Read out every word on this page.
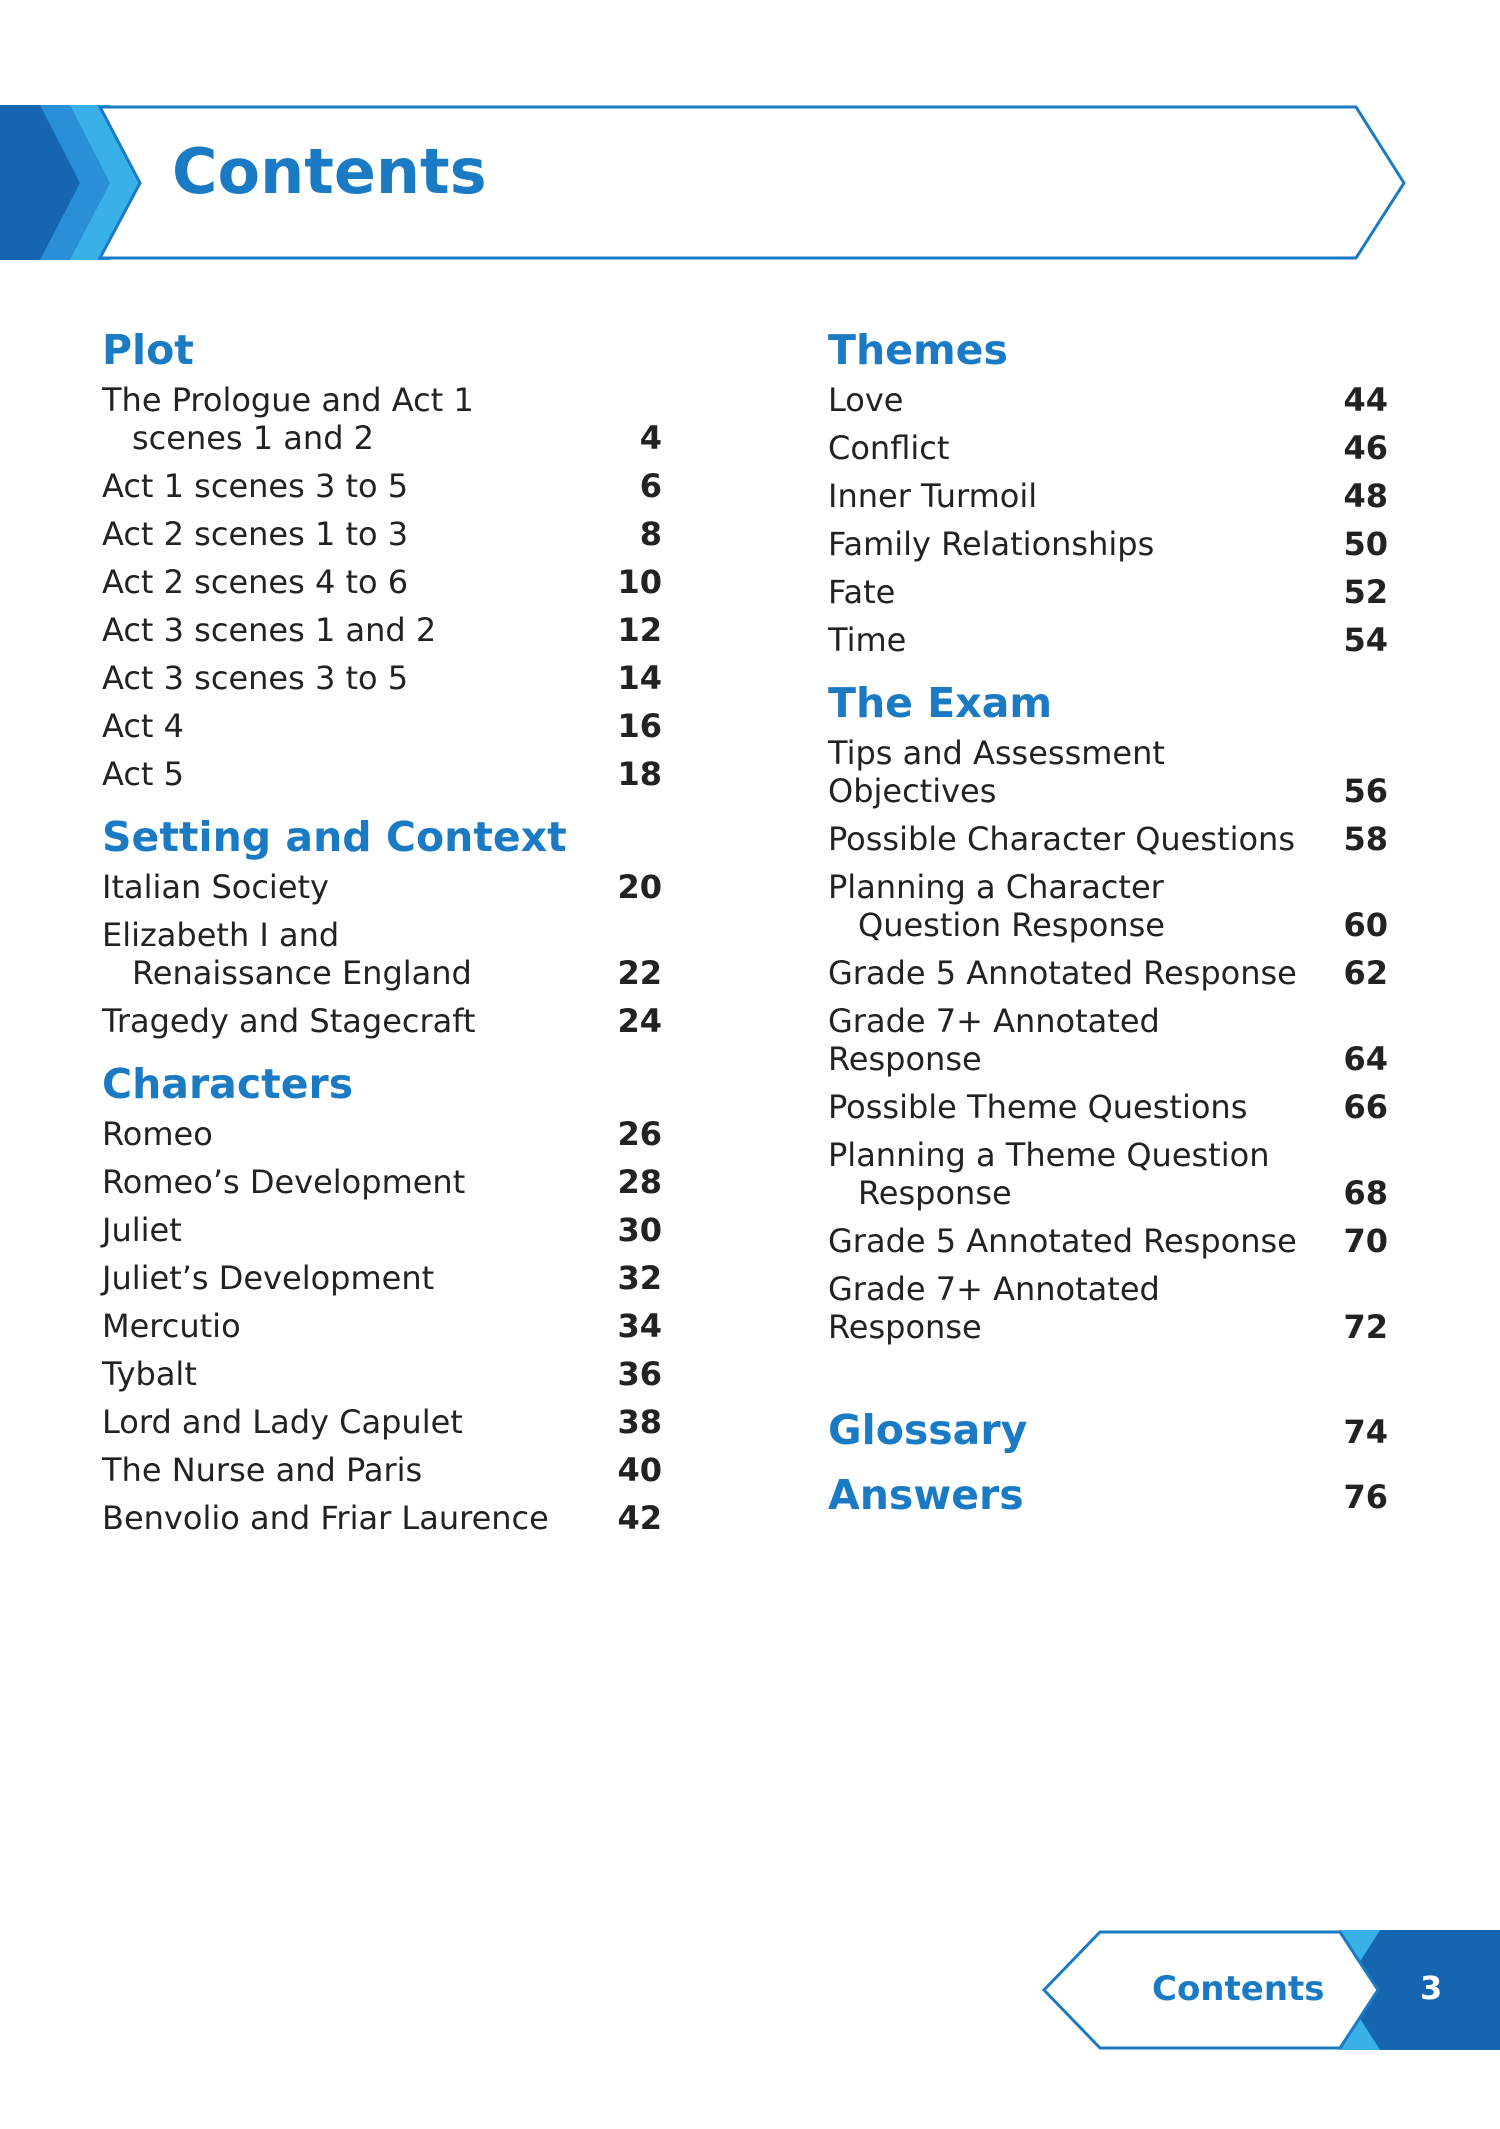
Contents
Plot
The Prologue and Act 1 scenes 1 and 2	4
Act 1 scenes 3 to 5	6
Act 2 scenes 1 to 3	8
Act 2 scenes 4 to 6	10
Act 3 scenes 1 and 2	12
Act 3 scenes 3 to 5	14
Act 4	16
Act 5	18
Setting and Context
Italian Society	20
Elizabeth I and Renaissance England	22
Tragedy and Stagecraft	24
Characters
Romeo	26
Romeo’s Development	28
Juliet	30
Juliet’s Development	32
Mercutio	34
Tybalt	36
Lord and Lady Capulet	38
The Nurse and Paris	40
Benvolio and Friar Laurence	42
Themes
Love	44
Conflict	46
Inner Turmoil	48
Family Relationships	50
Fate	52
Time	54
The Exam
Tips and Assessment Objectives	56
Possible Character Questions	58
Planning a Character Question Response	60
Grade 5 Annotated Response	62
Grade 7+ Annotated Response	64
Possible Theme Questions	66
Planning a Theme Question Response	68
Grade 5 Annotated Response	70
Grade 7+ Annotated Response	72
Glossary	74
Answers	76
Contents	3
